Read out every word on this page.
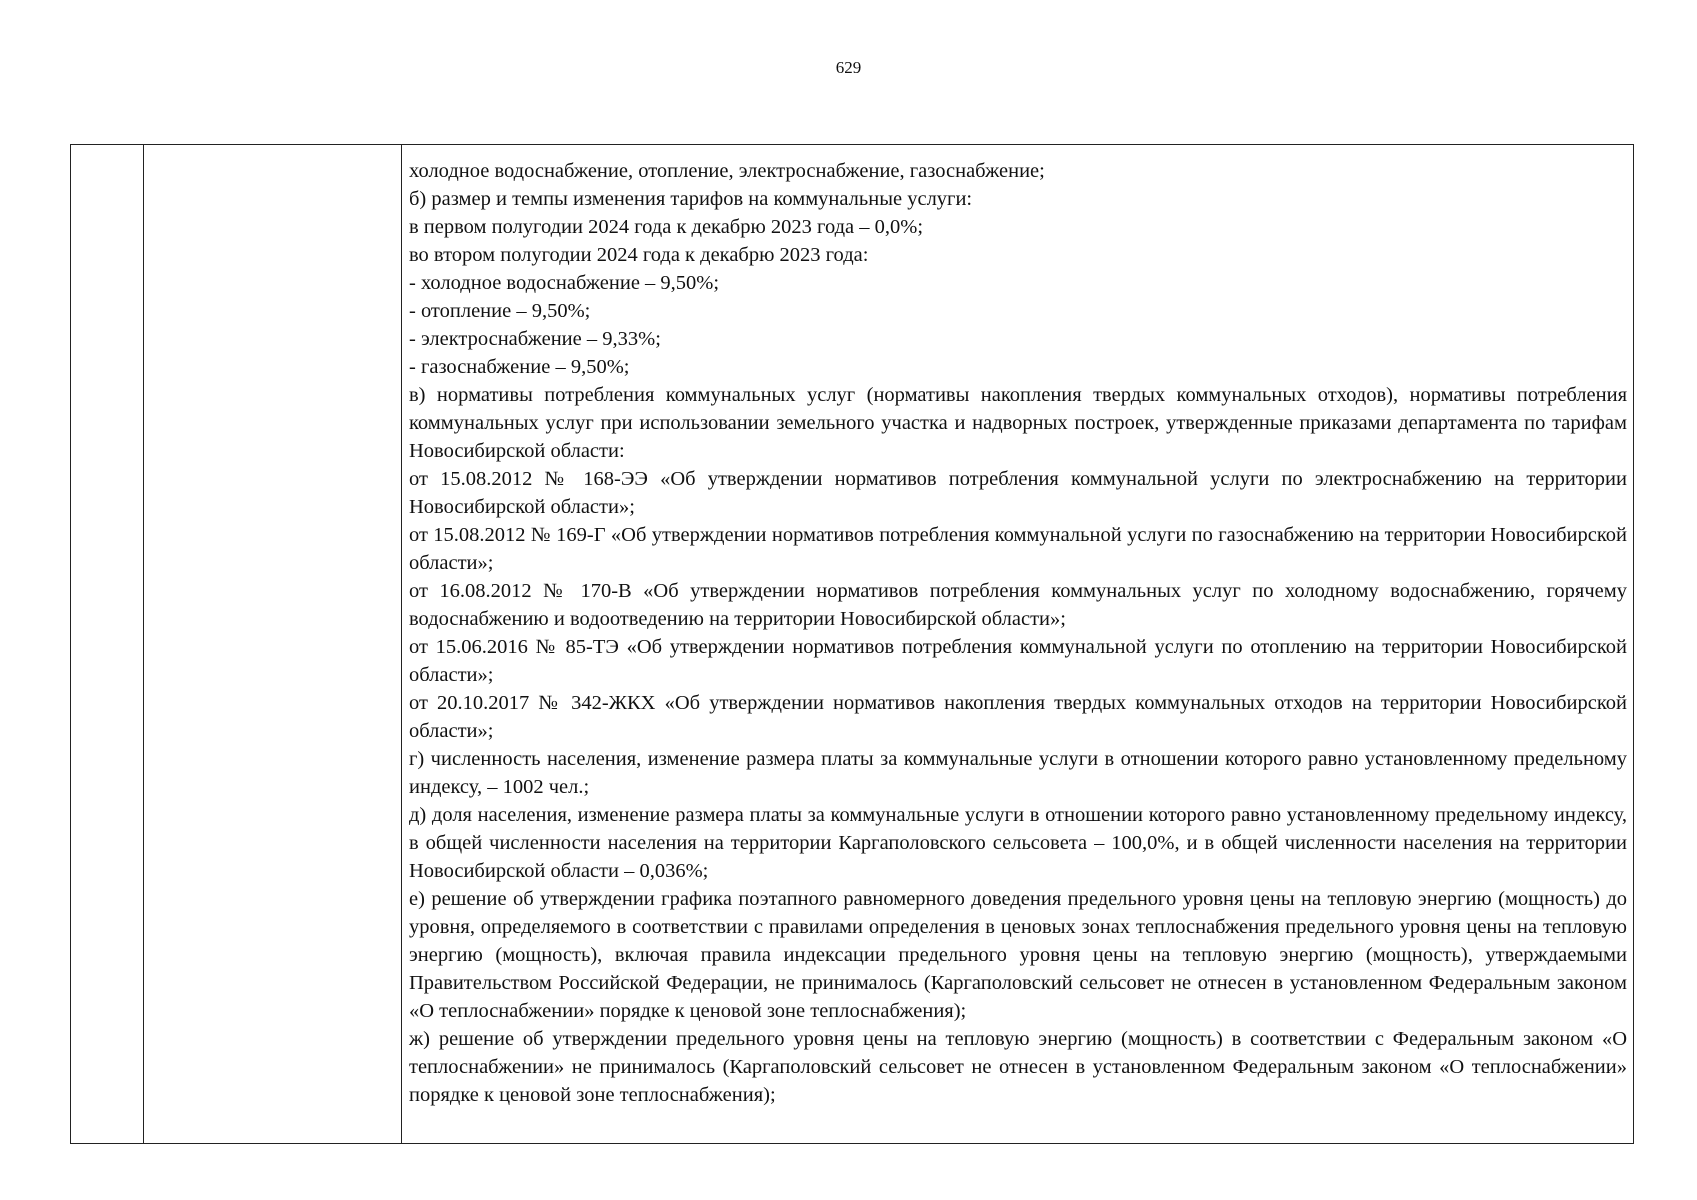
629

холодное водоснабжение, отопление, электроснабжение, газоснабжение;

б) размер и темпы изменения тарифов на коммунальные услуги:

в первом полугодии 2024 года к декабрю 2023 года – 0,0%;

во втором полугодии 2024 года к декабрю 2023 года:

- холодное водоснабжение – 9,50%;

- отопление – 9,50%;

- электроснабжение – 9,33%;

- газоснабжение – 9,50%;

в) нормативы потребления коммунальных услуг (нормативы накопления твердых коммунальных отходов), нормативы потребления коммунальных услуг при использовании земельного участка и надворных построек, утвержденные приказами департамента по тарифам Новосибирской области:

от 15.08.2012 № 168-ЭЭ «Об утверждении нормативов потребления коммунальной услуги по электроснабжению на территории Новосибирской области»;

от 15.08.2012 № 169-Г «Об утверждении нормативов потребления коммунальной услуги по газоснабжению на территории Новосибирской области»;

от 16.08.2012 № 170-В «Об утверждении нормативов потребления коммунальных услуг по холодному водоснабжению, горячему водоснабжению и водоотведению на территории Новосибирской области»;

от 15.06.2016 № 85-ТЭ «Об утверждении нормативов потребления коммунальной услуги по отоплению на территории Новосибирской области»;

от 20.10.2017 № 342-ЖКХ «Об утверждении нормативов накопления твердых коммунальных отходов на территории Новосибирской области»;

г) численность населения, изменение размера платы за коммунальные услуги в отношении которого равно установленному предельному индексу, – 1002 чел.;

д) доля населения, изменение размера платы за коммунальные услуги в отношении которого равно установленному предельному индексу, в общей численности населения на территории Каргаполовского сельсовета – 100,0%, и в общей численности населения на территории Новосибирской области – 0,036%;

е) решение об утверждении графика поэтапного равномерного доведения предельного уровня цены на тепловую энергию (мощность) до уровня, определяемого в соответствии с правилами определения в ценовых зонах теплоснабжения предельного уровня цены на тепловую энергию (мощность), включая правила индексации предельного уровня цены на тепловую энергию (мощность), утверждаемыми Правительством Российской Федерации, не принималось (Каргаполовский сельсовет не отнесен в установленном Федеральным законом «О теплоснабжении» порядке к ценовой зоне теплоснабжения);

ж) решение об утверждении предельного уровня цены на тепловую энергию (мощность) в соответствии с Федеральным законом «О теплоснабжении» не принималось (Каргаполовский сельсовет не отнесен в установленном Федеральным законом «О теплоснабжении» порядке к ценовой зоне теплоснабжения);
